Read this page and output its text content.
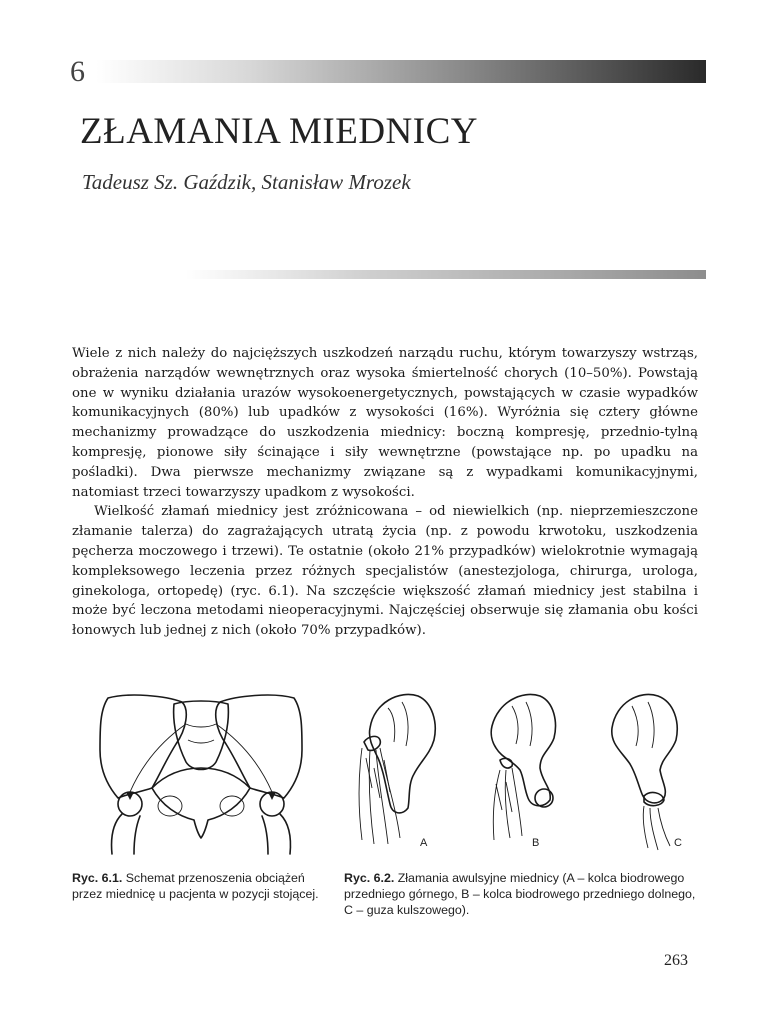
6
ZŁAMANIA MIEDNICY
Tadeusz Sz. Gaździk, Stanisław Mrozek

Wiele z nich należy do najcięższych uszkodzeń narządu ruchu, którym towarzyszy wstrząs, obrażenia narządów wewnętrznych oraz wysoka śmiertelność chorych (10–50%). Powstają one w wyniku działania urazów wysokoenergetycznych, powstających w czasie wypadków komunikacyjnych (80%) lub upadków z wysokości (16%). Wyróżnia się cztery główne mechanizmy prowadzące do uszkodzenia miednicy: boczną kompresję, przednio-tylną kompresję, pionowe siły ścinające i siły wewnętrzne (powstające np. po upadku na pośladki). Dwa pierwsze mechanizmy związane są z wypadkami komunikacyjnymi, natomiast trzeci towarzyszy upadkom z wysokości.

Wielkość złamań miednicy jest zróżnicowana – od niewielkich (np. nieprzemieszczone złamanie talerza) do zagrażających utratą życia (np. z powodu krwotoku, uszkodzenia pęcherza moczowego i trzewi). Te ostatnie (około 21% przypadków) wielokrotnie wymagają kompleksowego leczenia przez różnych specjalistów (anestezjologa, chirurga, urologa, ginekologa, ortopedę) (ryc. 6.1). Na szczęście większość złamań miednicy jest stabilna i może być leczona metodami nieoperacyjnymi. Najczęściej obserwuje się złamania obu kości łonowych lub jednej z nich (około 70% przypadków).

A	B	C
Ryc. 6.1. Schemat przenoszenia obciążeń przez miednicę u pacjenta w pozycji stojącej.
Ryc. 6.2. Złamania awulsyjne miednicy (A – kolca biodrowego przedniego górnego, B – kolca biodrowego przedniego dolnego, C – guza kulszowego).
263
